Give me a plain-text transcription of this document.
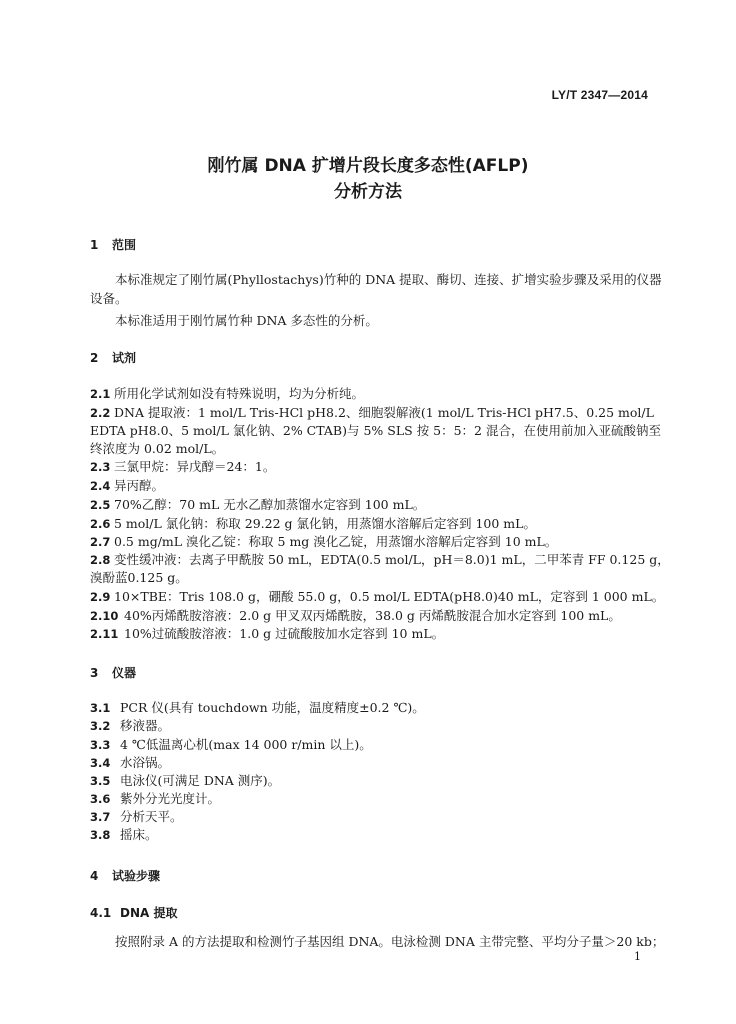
LY/T 2347—2014
刚竹属 DNA 扩增片段长度多态性(AFLP)
分析方法
1 范围
本标准规定了刚竹属(Phyllostachys)竹种的 DNA 提取、酶切、连接、扩增实验步骤及采用的仪器设备。
本标准适用于刚竹属竹种 DNA 多态性的分析。
2 试剂
2.1 所用化学试剂如没有特殊说明，均为分析纯。
2.2 DNA 提取液：1 mol/L Tris-HCl pH8.2、细胞裂解液(1 mol/L Tris-HCl pH7.5、0.25 mol/L EDTA pH8.0、5 mol/L 氯化钠、2% CTAB)与 5% SLS 按 5：5：2 混合，在使用前加入亚硫酸钠至终浓度为 0.02 mol/L。
2.3 三氯甲烷：异戊醇＝24：1。
2.4 异丙醇。
2.5 70%乙醇：70 mL 无水乙醇加蒸馏水定容到 100 mL。
2.6 5 mol/L 氯化钠：称取 29.22 g 氯化钠，用蒸馏水溶解后定容到 100 mL。
2.7 0.5 mg/mL 溴化乙锭：称取 5 mg 溴化乙锭，用蒸馏水溶解后定容到 10 mL。
2.8 变性缓冲液：去离子甲酰胺 50 mL，EDTA(0.5 mol/L，pH＝8.0)1 mL，二甲苯青 FF 0.125 g，溴酚蓝0.125 g。
2.9 10×TBE：Tris 108.0 g，硼酸 55.0 g，0.5 mol/L EDTA(pH8.0)40 mL，定容到 1 000 mL。
2.10 40%丙烯酰胺溶液：2.0 g 甲叉双丙烯酰胺，38.0 g 丙烯酰胺混合加水定容到 100 mL。
2.11 10%过硫酸胺溶液：1.0 g 过硫酸胺加水定容到 10 mL。
3 仪器
3.1 PCR 仪(具有 touchdown 功能，温度精度±0.2 ℃)。
3.2 移液器。
3.3 4 ℃低温离心机(max 14 000 r/min 以上)。
3.4 水浴锅。
3.5 电泳仪(可满足 DNA 测序)。
3.6 紫外分光光度计。
3.7 分析天平。
3.8 摇床。
4 试验步骤
4.1 DNA 提取
按照附录 A 的方法提取和检测竹子基因组 DNA。电泳检测 DNA 主带完整、平均分子量＞20 kb；
1
